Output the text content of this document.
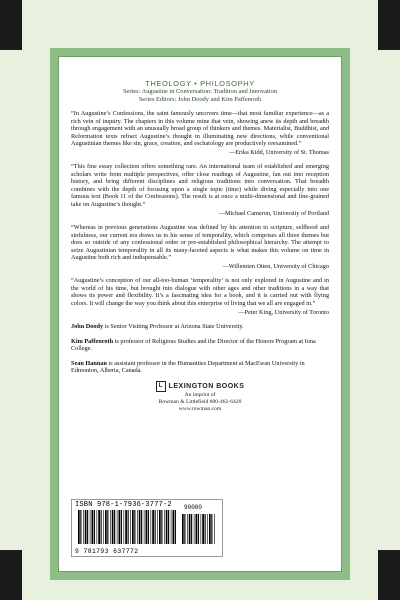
THEOLOGY • PHILOSOPHY
Series: Augustine in Conversation: Tradition and Innovation
Series Editors: John Doody and Kim Paffenroth

“In Augustine’s Confessions, the saint famously uncovers time—that most familiar experience—as a rich vein of inquiry. The chapters in this volume mine that vein, showing anew its depth and breadth through engagement with an unusually broad group of thinkers and themes. Materialist, Buddhist, and Reformation texts refract Augustine’s thought in illuminating new directions, while conventional Augustinian themes like sin, grace, creation, and eschatology are productively reexamined.”

—Erika Kidd, University of St. Thomas

“This fine essay collection offers something rare. An international team of established and emerging scholars write from multiple perspectives, offer close readings of Augustine, fan out into reception history, and bring different disciplines and religious traditions into conversation. That breadth combines with the depth of focusing upon a single topic (time) while diving especially into one famous text (Book 11 of the Confessions). The result is at once a multi-dimensional and fine-grained take on Augustine’s thought.”

—Michael Cameron, University of Portland

“Whereas in previous generations Augustine was defined by his attention to scripture, selfhood and sinfulness, our current era draws us to his sense of temporality, which comprises all three themes but does so outside of any confessional order or pre-established philosophical hierarchy. The attempt to seize Augustinian temporality in all its many-faceted aspects is what makes this volume on time in Augustine both rich and indispensable.”

—Willemien Otten, University of Chicago

“Augustine’s conception of our all-too-human ‘temporality’ is not only explored in Augustine and in the world of his time, but brought into dialogue with other ages and other traditions in a way that shows its power and flexibility. It’s a fascinating idea for a book, and it is carried out with flying colors. It will change the way you think about this enterprise of living that we all are engaged in.”

—Peter King, University of Toronto
John Doody is Senior Visiting Professor at Arizona State University.
Kim Paffenroth is professor of Religious Studies and the Director of the Honors Program at Iona College.
Sean Hannan is assistant professor in the Humanities Department at MacEwan University in Edmonton, Alberta, Canada.
L LEXINGTON BOOKS
An imprint of
Rowman & Littlefield 800-462-6420
www.rowman.com
ISBN 978-1-7936-3777-2 90000
9 781793 637772
